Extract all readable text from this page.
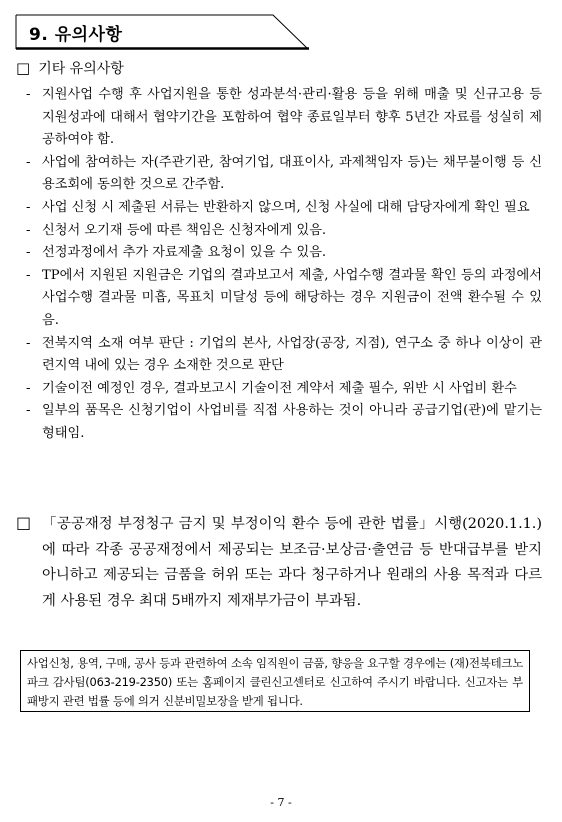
9. 유의사항
□ 기타 유의사항
- 지원사업 수행 후 사업지원을 통한 성과분석·관리·활용 등을 위해 매출 및 신규고용 등 지원성과에 대해서 협약기간을 포함하여 협약 종료일부터 향후 5년간 자료를 성실히 제공하여야 함.
- 사업에 참여하는 자(주관기관, 참여기업, 대표이사, 과제책임자 등)는 채무불이행 등 신용조회에 동의한 것으로 간주함.
- 사업 신청 시 제출된 서류는 반환하지 않으며, 신청 사실에 대해 담당자에게 확인 필요
- 신청서 오기재 등에 따른 책임은 신청자에게 있음.
- 선정과정에서 추가 자료제출 요청이 있을 수 있음.
- TP에서 지원된 지원금은 기업의 결과보고서 제출, 사업수행 결과물 확인 등의 과정에서 사업수행 결과물 미흡, 목표치 미달성 등에 해당하는 경우 지원금이 전액 환수될 수 있음.
- 전북지역 소재 여부 판단 : 기업의 본사, 사업장(공장, 지점), 연구소 중 하나 이상이 관련지역 내에 있는 경우 소재한 것으로 판단
- 기술이전 예정인 경우, 결과보고시 기술이전 계약서 제출 필수, 위반 시 사업비 환수
- 일부의 품목은 신청기업이 사업비를 직접 사용하는 것이 아니라 공급기업(관)에 맡기는 형태임.
□ 「공공재정 부정청구 금지 및 부정이익 환수 등에 관한 법률」시행(2020.1.1.)에 따라 각종 공공재정에서 제공되는 보조금·보상금·출연금 등 반대급부를 받지 아니하고 제공되는 금품을 허위 또는 과다 청구하거나 원래의 사용 목적과 다르게 사용된 경우 최대 5배까지 제재부가금이 부과됨.
사업신청, 용역, 구매, 공사 등과 관련하여 소속 임직원이 금품, 향응을 요구할 경우에는 (재)전북테크노파크 감사팀(063-219-2350) 또는 홈페이지 클린신고센터로 신고하여 주시기 바랍니다. 신고자는 부패방지 관련 법률 등에 의거 신분비밀보장을 받게 됩니다.
- 7 -
